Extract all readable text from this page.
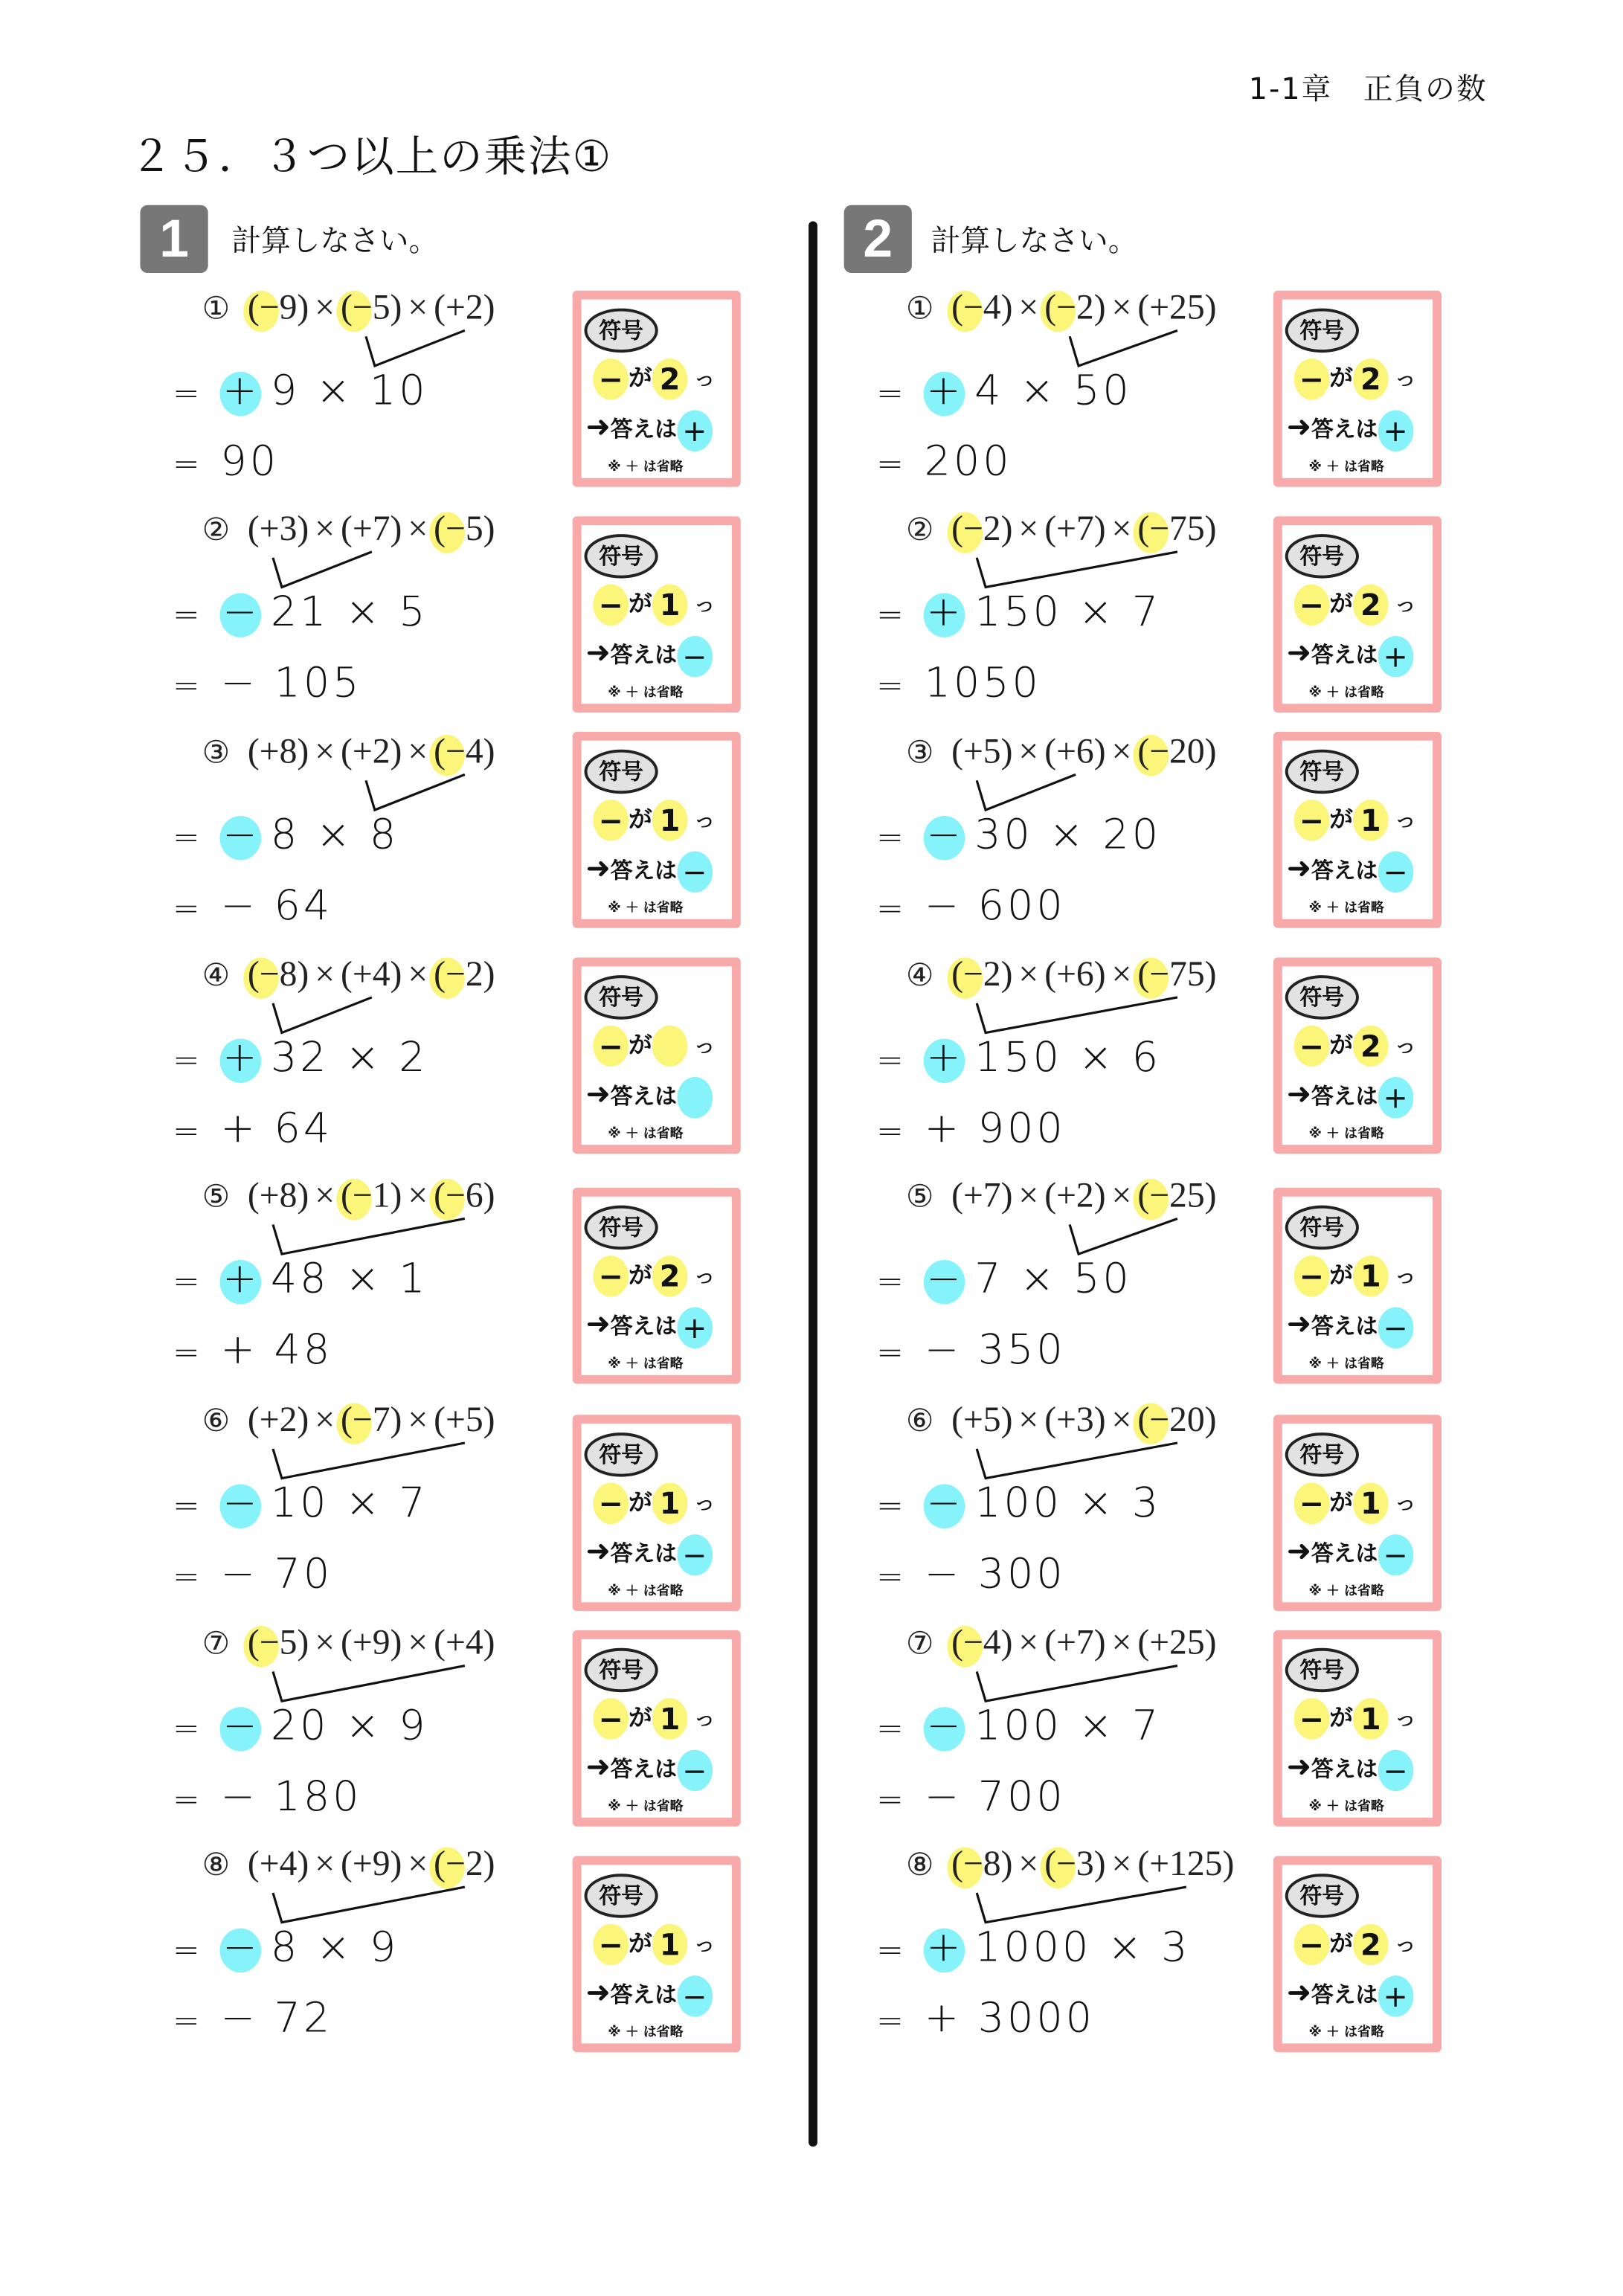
1-1章　正負の数
２５．３つ以上の乗法①
1	計算しなさい。	2	計算しなさい。
① (−9) × (−5) × (+2)
= + 9 × 10
= 90
符号
− が 2 つ
➜答えは +
※ ＋ は省略
② (+3) × (+7) × (−5)
= − 21 × 5
= − 105
符号
− が 1 つ
➜答えは −
※ ＋ は省略
③ (+8) × (+2) × (−4)
= − 8 × 8
= − 64
符号
− が 1 つ
➜答えは −
※ ＋ は省略
④ (−8) × (+4) × (−2)
= + 32 × 2
= + 64
符号
− が	つ
➜答えは
※ ＋ は省略
⑤ (+8) × (−1) × (−6)
= + 48 × 1
= + 48
符号
− が 2 つ
➜答えは +
※ ＋ は省略
⑥ (+2) × (−7) × (+5)
= − 10 × 7
= − 70
符号
− が 1 つ
➜答えは −
※ ＋ は省略
⑦ (−5) × (+9) × (+4)
= − 20 × 9
= − 180
符号
− が 1 つ
➜答えは −
※ ＋ は省略
⑧ (+4) × (+9) × (−2)
= − 8 × 9
= − 72
符号
− が 1 つ
➜答えは −
※ ＋ は省略
① (−4) × (−2) × (+25)
= + 4 × 50
= 200
符号
− が 2 つ
➜答えは +
※ ＋ は省略
② (−2) × (+7) × (−75)
= + 150 × 7
= 1050
符号
− が 2 つ
➜答えは +
※ ＋ は省略
③ (+5) × (+6) × (−20)
= − 30 × 20
= − 600
符号
− が 1 つ
➜答えは −
※ ＋ は省略
④ (−2) × (+6) × (−75)
= + 150 × 6
= + 900
符号
− が 2 つ
➜答えは +
※ ＋ は省略
⑤ (+7) × (+2) × (−25)
= − 7 × 50
= − 350
符号
− が 1 つ
➜答えは −
※ ＋ は省略
⑥ (+5) × (+3) × (−20)
= − 100 × 3
= − 300
符号
− が 1 つ
➜答えは −
※ ＋ は省略
⑦ (−4) × (+7) × (+25)
= − 100 × 7
= − 700
符号
− が 1 つ
➜答えは −
※ ＋ は省略
⑧ (−8) × (−3) × (+125)
= + 1000 × 3
= + 3000
符号
− が 2 つ
➜答えは +
※ ＋ は省略
